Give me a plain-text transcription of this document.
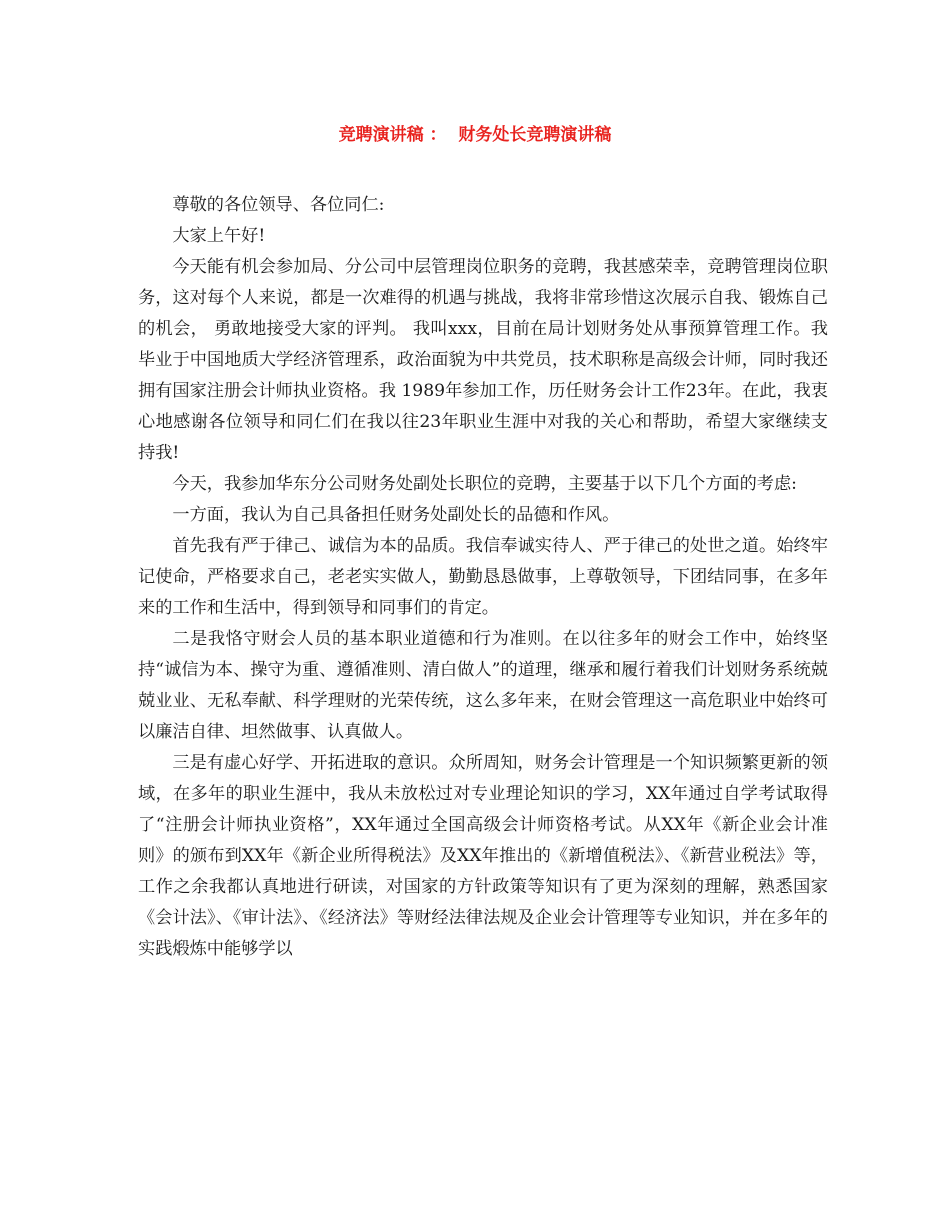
竞聘演讲稿 ：  财务处长竞聘演讲稿

尊敬的各位领导、各位同仁:

大家上午好!

今天能有机会参加局、分公司中层管理岗位职务的竞聘，我甚感荣幸，竞聘管理岗位职务，这对每个人来说，都是一次难得的机遇与挑战，我将非常珍惜这次展示自我、锻炼自己的机会， 勇敢地接受大家的评判。 我叫xxx，目前在局计划财务处从事预算管理工作。我毕业于中国地质大学经济管理系，政治面貌为中共党员，技术职称是高级会计师，同时我还拥有国家注册会计师执业资格。我 1989年参加工作，历任财务会计工作23年。在此，我衷心地感谢各位领导和同仁们在我以往23年职业生涯中对我的关心和帮助，希望大家继续支持我!

今天，我参加华东分公司财务处副处长职位的竞聘，主要基于以下几个方面的考虑:

一方面，我认为自己具备担任财务处副处长的品德和作风。

首先我有严于律己、诚信为本的品质。我信奉诚实待人、严于律己的处世之道。始终牢记使命，严格要求自己，老老实实做人，勤勤恳恳做事，上尊敬领导，下团结同事，在多年来的工作和生活中，得到领导和同事们的肯定。

二是我恪守财会人员的基本职业道德和行为准则。在以往多年的财会工作中，始终坚持“诚信为本、操守为重、遵循准则、清白做人”的道理，继承和履行着我们计划财务系统兢兢业业、无私奉献、科学理财的光荣传统，这么多年来，在财会管理这一高危职业中始终可以廉洁自律、坦然做事、认真做人。

三是有虚心好学、开拓进取的意识。众所周知，财务会计管理是一个知识频繁更新的领域，在多年的职业生涯中，我从未放松过对专业理论知识的学习，XX年通过自学考试取得了“注册会计师执业资格”，XX年通过全国高级会计师资格考试。从XX年《新企业会计准则》的颁布到XX年《新企业所得税法》及XX年推出的《新增值税法》、《新营业税法》等，工作之余我都认真地进行研读，对国家的方针政策等知识有了更为深刻的理解，熟悉国家《会计法》、《审计法》、《经济法》等财经法律法规及企业会计管理等专业知识，并在多年的实践煅炼中能够学以
